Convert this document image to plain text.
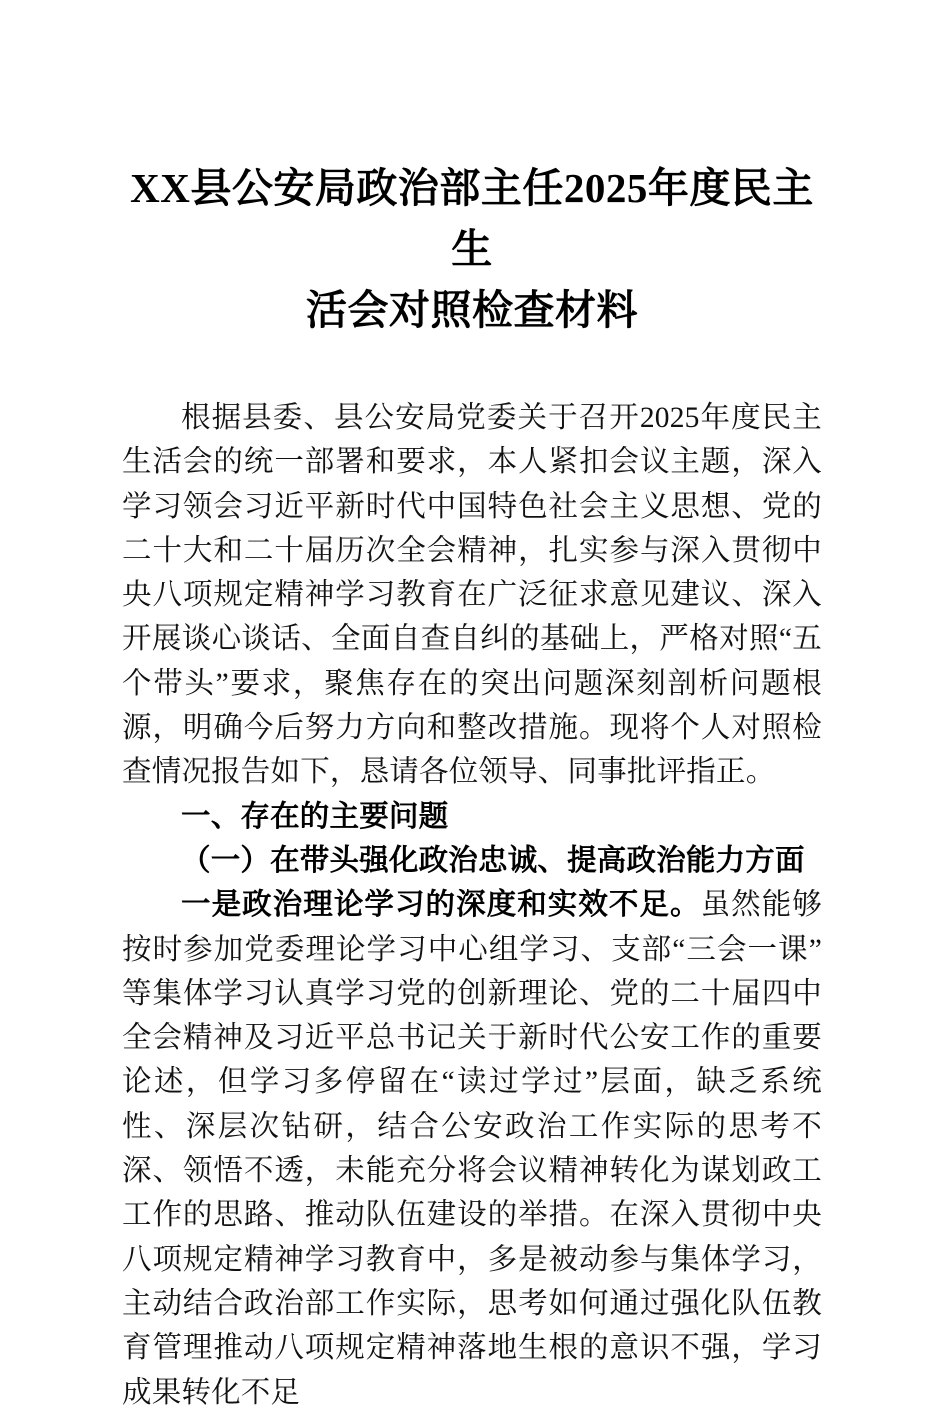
XX县公安局政治部主任2025年度民主生
活会对照检查材料

根据县委、县公安局党委关于召开2025年度民主生活会的统一部署和要求，本人紧扣会议主题，深入学习领会习近平新时代中国特色社会主义思想、党的二十大和二十届历次全会精神，扎实参与深入贯彻中央八项规定精神学习教育在广泛征求意见建议、深入开展谈心谈话、全面自查自纠的基础上，严格对照“五个带头”要求，聚焦存在的突出问题深刻剖析问题根源，明确今后努力方向和整改措施。现将个人对照检查情况报告如下，恳请各位领导、同事批评指正。

一、存在的主要问题

（一）在带头强化政治忠诚、提高政治能力方面

一是政治理论学习的深度和实效不足。虽然能够按时参加党委理论学习中心组学习、支部“三会一课”等集体学习认真学习党的创新理论、党的二十届四中全会精神及习近平总书记关于新时代公安工作的重要论述，但学习多停留在“读过学过”层面，缺乏系统性、深层次钻研，结合公安政治工作实际的思考不深、领悟不透，未能充分将会议精神转化为谋划政工工作的思路、推动队伍建设的举措。在深入贯彻中央八项规定精神学习教育中，多是被动参与集体学习，主动结合政治部工作实际，思考如何通过强化队伍教育管理推动八项规定精神落地生根的意识不强，学习成果转化不足
